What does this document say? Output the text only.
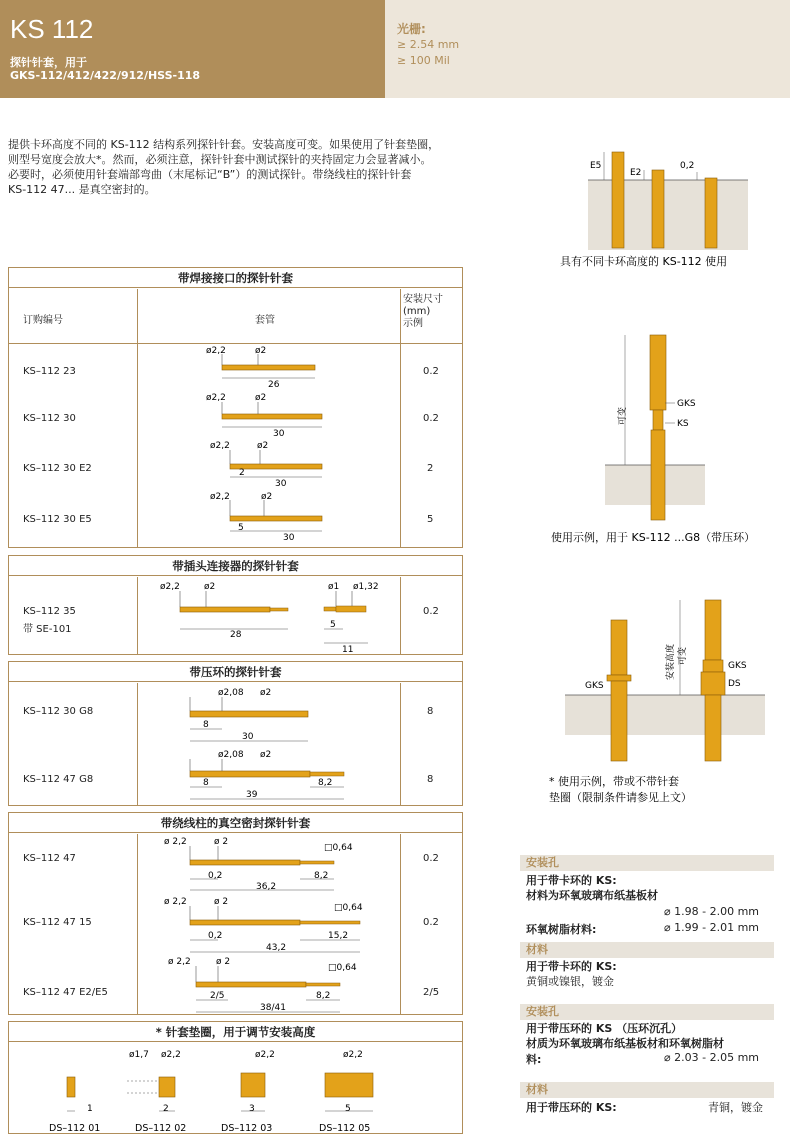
KS 112
探针针套，用于
GKS-112/412/422/912/HSS-118
光栅:
≥ 2.54 mm
≥ 100 Mil
提供卡环高度不同的 KS-112 结构系列探针针套。安装高度可变。如果使用了针套垫圈，
则型号宽度会放大*。然而，必须注意，探针针套中测试探针的夹持固定力会显著减小。
必要时，必须使用针套端部弯曲（末尾标记“B”）的测试探针。带绕线柱的探针针套
KS-112 47... 是真空密封的。
带焊接接口的探针针套
订购编号	套管
安装尺寸
(mm)
示例
KS–112 23	0.2
KS–112 30	0.2
KS–112 30 E2	2
KS–112 30 E5	5
ø2,2	ø2
26
ø2,2	ø2
30
ø2,2	ø2
2
30
ø2,2	ø2
5
30
带插头连接器的探针针套
KS–112 35
带 SE-101
0.2
ø2,2	ø2
28
ø1 ø1,32
5
11
带压环的探针针套
KS–112 30 G8	8
KS–112 47 G8	8
ø2,08 ø2
8
30
ø2,08 ø2
8	8,2
39
带绕线柱的真空密封探针针套
KS–112 47	0.2
KS–112 47 15	0.2
KS–112 47 E2/E5	2/5
ø 2,2	ø 2
□0,64
0,2	8,2
36,2
ø 2,2	ø 2
□0,64
0,2	15,2
43,2
ø 2,2	ø 2
□0,64
2/5	8,2
38/41
* 针套垫圈，用于调节安装高度
1
DS–112 01
ø1,7 ø2,2
2
DS–112 02
ø2,2
3
DS–112 03
ø2,2
5
DS–112 05
E5
E2
0,2
具有不同卡环高度的 KS-112 使用
可变
GKS
KS
使用示例，用于 KS-112 ...G8（带压环）
安装高度 可变
GKS
GKS
DS
* 使用示例，带或不带针套
垫圈（限制条件请参见上文）
安装孔
用于带卡环的 KS:
材料为环氧玻璃布纸基板材
⌀ 1.98 - 2.00 mm
环氧树脂材料:	⌀ 1.99 - 2.01 mm
材料
用于带卡环的 KS:
黄铜或镍银，镀金
安装孔
用于带压环的 KS （压环沉孔）
材质为环氧玻璃布纸基板材和环氧树脂材
料:	⌀ 2.03 - 2.05 mm
材料
用于带压环的 KS:	青铜，镀金
